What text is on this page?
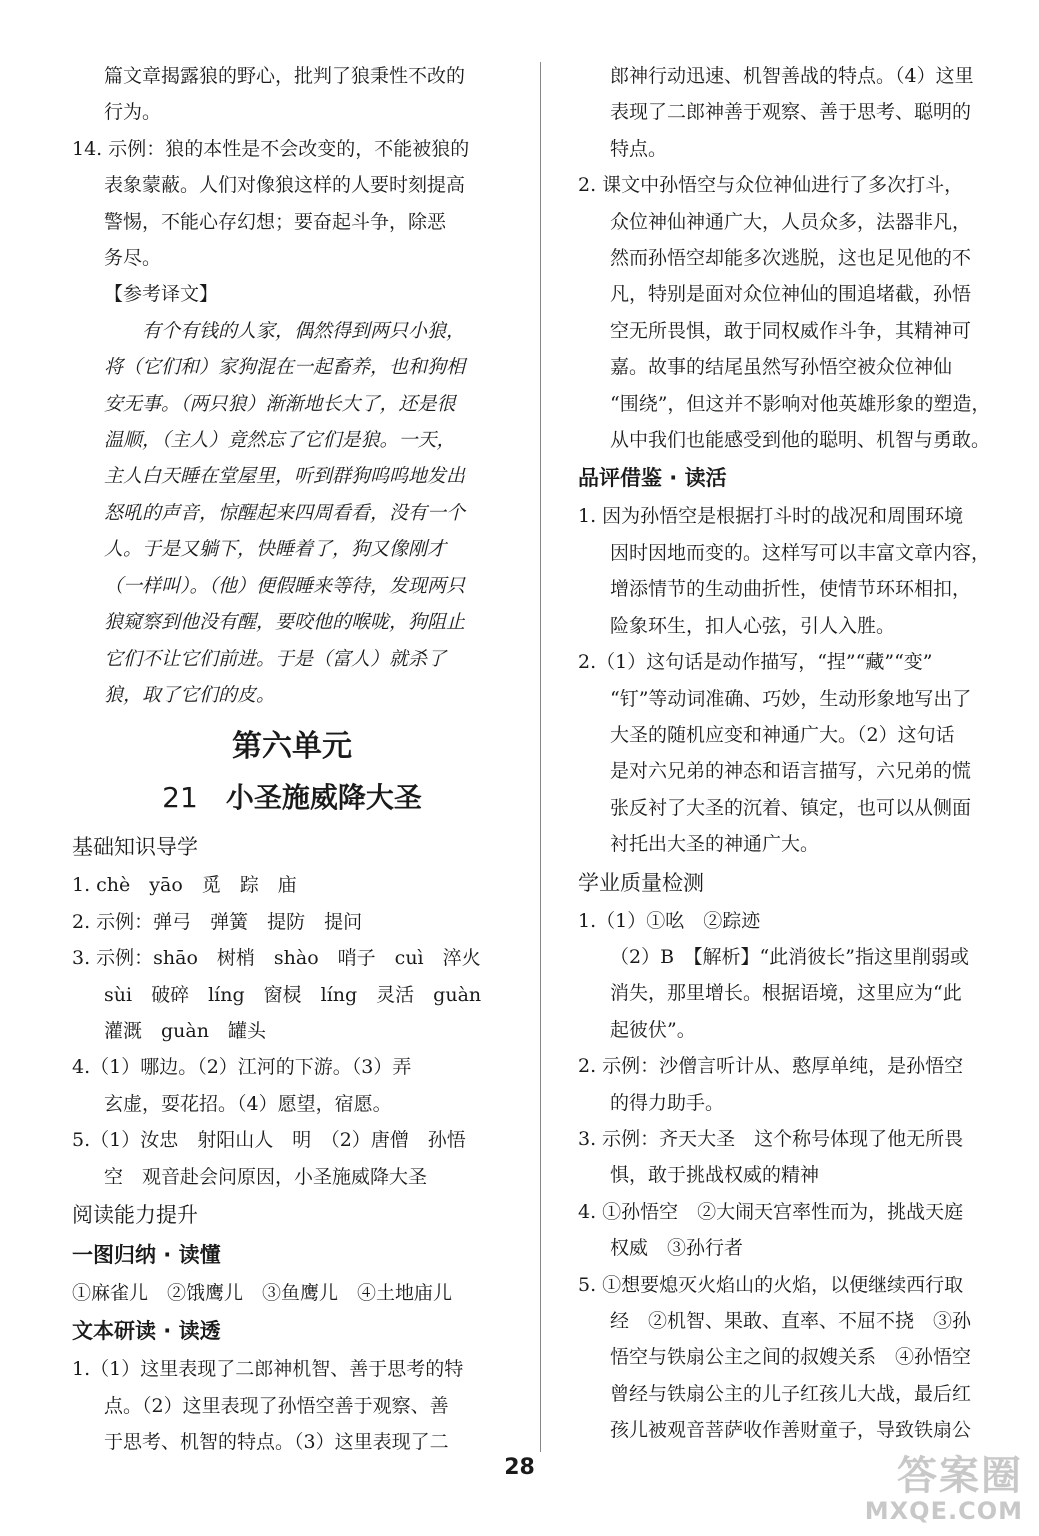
篇文章揭露狼的野心，批判了狼秉性不改的

行为。

14. 示例：狼的本性是不会改变的，不能被狼的

表象蒙蔽。人们对像狼这样的人要时刻提高

警惕，不能心存幻想；要奋起斗争，除恶

务尽。

【参考译文】

　　有个有钱的人家，偶然得到两只小狼，

将（它们和）家狗混在一起畜养，也和狗相

安无事。（两只狼）渐渐地长大了，还是很

温顺，（主人）竟然忘了它们是狼。一天，

主人白天睡在堂屋里，听到群狗呜呜地发出

怒吼的声音，惊醒起来四周看看，没有一个

人。于是又躺下，快睡着了，狗又像刚才

（一样叫）。（他）便假睡来等待，发现两只

狼窥察到他没有醒，要咬他的喉咙，狗阻止

它们不让它们前进。于是（富人）就杀了

狼，取了它们的皮。

第六单元
21 小圣施威降大圣
基础知识导学

1. chè　yāo　觅　踪　庙

2. 示例：弹弓　弹簧　提防　提问

3. 示例：shāo　树梢　shào　哨子　cuì　淬火

sùi　破碎　líng　窗棂　líng　灵活　guàn

灌溉　guàn　罐头

4.（1）哪边。（2）江河的下游。（3）弄

玄虚，耍花招。（4）愿望，宿愿。

5.（1）汝忠　射阳山人　明　（2）唐僧　孙悟

空　观音赴会问原因，小圣施威降大圣

阅读能力提升
一图归纳 · 读懂

①麻雀儿　②饿鹰儿　③鱼鹰儿　④土地庙儿

文本研读 · 读透

1.（1）这里表现了二郎神机智、善于思考的特

点。（2）这里表现了孙悟空善于观察、善

于思考、机智的特点。（3）这里表现了二

郎神行动迅速、机智善战的特点。（4）这里

表现了二郎神善于观察、善于思考、聪明的

特点。

2. 课文中孙悟空与众位神仙进行了多次打斗，

众位神仙神通广大，人员众多，法器非凡，

然而孙悟空却能多次逃脱，这也足见他的不

凡，特别是面对众位神仙的围追堵截，孙悟

空无所畏惧，敢于同权威作斗争，其精神可

嘉。故事的结尾虽然写孙悟空被众位神仙

“围绕”，但这并不影响对他英雄形象的塑造，

从中我们也能感受到他的聪明、机智与勇敢。

品评借鉴 · 读活

1. 因为孙悟空是根据打斗时的战况和周围环境

因时因地而变的。这样写可以丰富文章内容，

增添情节的生动曲折性，使情节环环相扣，

险象环生，扣人心弦，引人入胜。

2.（1）这句话是动作描写，“捏”“藏”“变”

“钉”等动词准确、巧妙，生动形象地写出了

大圣的随机应变和神通广大。（2）这句话

是对六兄弟的神态和语言描写，六兄弟的慌

张反衬了大圣的沉着、镇定，也可以从侧面

衬托出大圣的神通广大。

学业质量检测

1.（1）①吆　②踪迹

（2）B　【解析】“此消彼长”指这里削弱或

消失，那里增长。根据语境，这里应为“此

起彼伏”。

2. 示例：沙僧言听计从、憨厚单纯，是孙悟空

的得力助手。

3. 示例：齐天大圣　这个称号体现了他无所畏

惧，敢于挑战权威的精神

4. ①孙悟空　②大闹天宫率性而为，挑战天庭

权威　③孙行者

5. ①想要熄灭火焰山的火焰，以便继续西行取

经　②机智、果敢、直率、不屈不挠　③孙

悟空与铁扇公主之间的叔嫂关系　④孙悟空

曾经与铁扇公主的儿子红孩儿大战，最后红

孩儿被观音菩萨收作善财童子，导致铁扇公

28	答案圈
MXQE.COM
